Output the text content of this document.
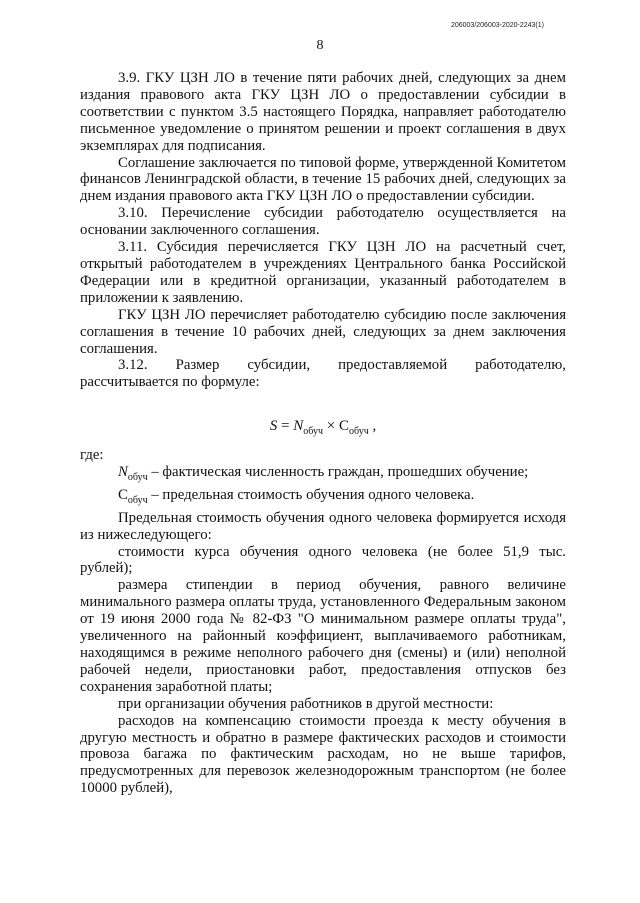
206003/206003-2020-2243(1)
8

3.9. ГКУ ЦЗН ЛО в течение пяти рабочих дней, следующих за днем издания правового акта ГКУ ЦЗН ЛО о предоставлении субсидии в соответствии с пунктом 3.5 настоящего Порядка, направляет работодателю письменное уведомление о принятом решении и проект соглашения в двух экземплярах для подписания.

Соглашение заключается по типовой форме, утвержденной Комитетом финансов Ленинградской области, в течение 15 рабочих дней, следующих за днем издания правового акта ГКУ ЦЗН ЛО о предоставлении субсидии.

3.10. Перечисление субсидии работодателю осуществляется на основании заключенного соглашения.

3.11. Субсидия перечисляется ГКУ ЦЗН ЛО на расчетный счет, открытый работодателем в учреждениях Центрального банка Российской Федерации или в кредитной организации, указанный работодателем в приложении к заявлению.

ГКУ ЦЗН ЛО перечисляет работодателю субсидию после заключения соглашения в течение 10 рабочих дней, следующих за днем заключения соглашения.

3.12. Размер субсидии, предоставляемой работодателю, рассчитывается по формуле:

$S = N_{обуч} \times С_{обуч}$ ,

где:

$N_{обуч}$ – фактическая численность граждан, прошедших обучение;

$С_{обуч}$ – предельная стоимость обучения одного человека.

Предельная стоимость обучения одного человека формируется исходя из нижеследующего:

стоимости курса обучения одного человека (не более 51,9 тыс. рублей);

размера стипендии в период обучения, равного величине минимального размера оплаты труда, установленного Федеральным законом от 19 июня 2000 года № 82-ФЗ "О минимальном размере оплаты труда", увеличенного на районный коэффициент, выплачиваемого работникам, находящимся в режиме неполного рабочего дня (смены) и (или) неполной рабочей недели, приостановки работ, предоставления отпусков без сохранения заработной платы;

при организации обучения работников в другой местности:

расходов на компенсацию стоимости проезда к месту обучения в другую местность и обратно в размере фактических расходов и стоимости провоза багажа по фактическим расходам, но не выше тарифов, предусмотренных для перевозок железнодорожным транспортом (не более 10000 рублей),
